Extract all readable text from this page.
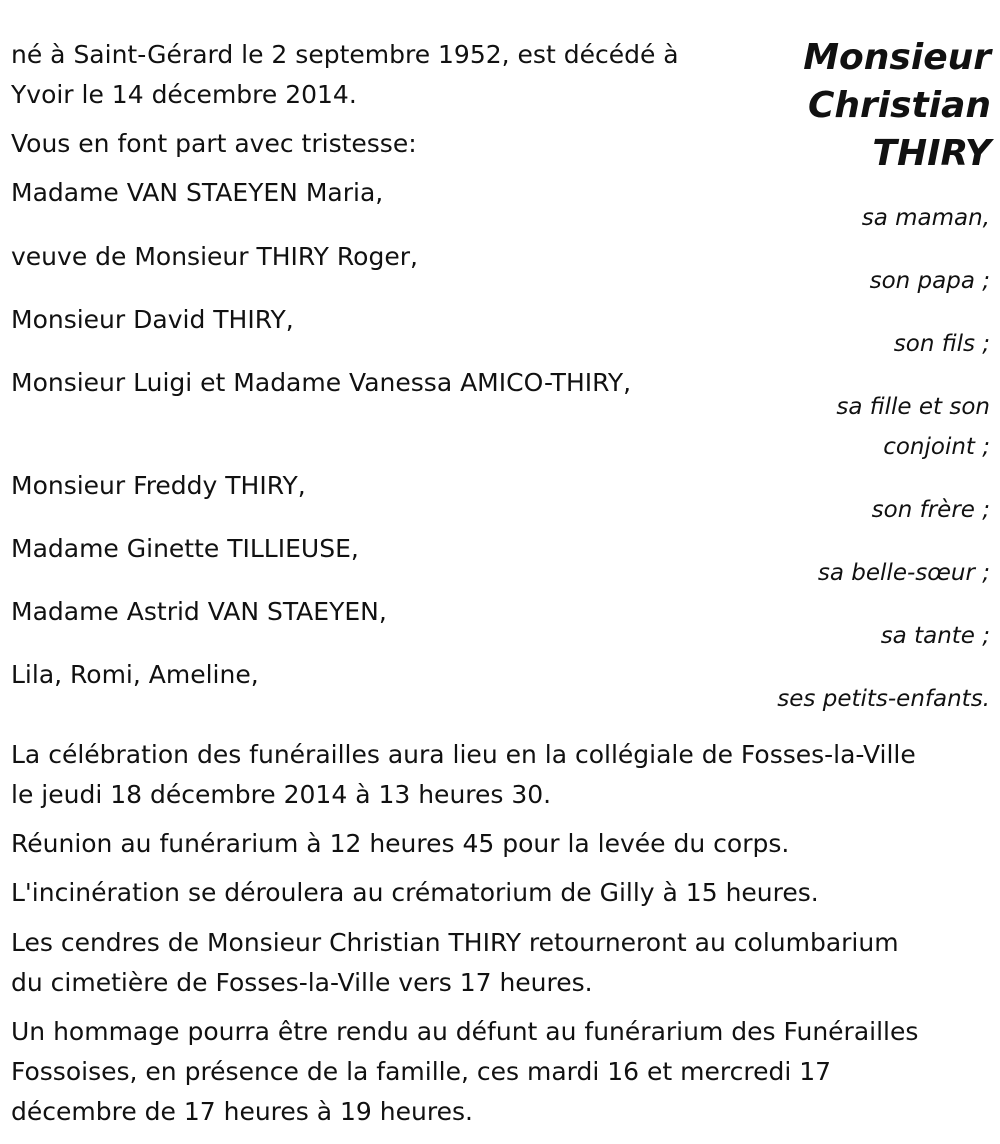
Monsieur
Christian
THIRY
né à Saint-Gérard le 2 septembre 1952, est décédé à
Yvoir le 14 décembre 2014.
Vous en font part avec tristesse:
Madame VAN STAEYEN Maria,
veuve de Monsieur THIRY Roger,
Monsieur David THIRY,
Monsieur Luigi et Madame Vanessa AMICO-THIRY,
Monsieur Freddy THIRY,
Madame Ginette TILLIEUSE,
Madame Astrid VAN STAEYEN,
Lila, Romi, Ameline,
sa maman,
son papa ;
son fils ;
sa fille et son
conjoint ;
son frère ;
sa belle-sœur ;
sa tante ;
ses petits-enfants.
La célébration des funérailles aura lieu en la collégiale de Fosses-la-Ville
le jeudi 18 décembre 2014 à 13 heures 30.
Réunion au funérarium à 12 heures 45 pour la levée du corps.
L'incinération se déroulera au crématorium de Gilly à 15 heures.
Les cendres de Monsieur Christian THIRY retourneront au columbarium
du cimetière de Fosses-la-Ville vers 17 heures.
Un hommage pourra être rendu au défunt au funérarium des Funérailles
Fossoises, en présence de la famille, ces mardi 16 et mercredi 17
décembre de 17 heures à 19 heures.
